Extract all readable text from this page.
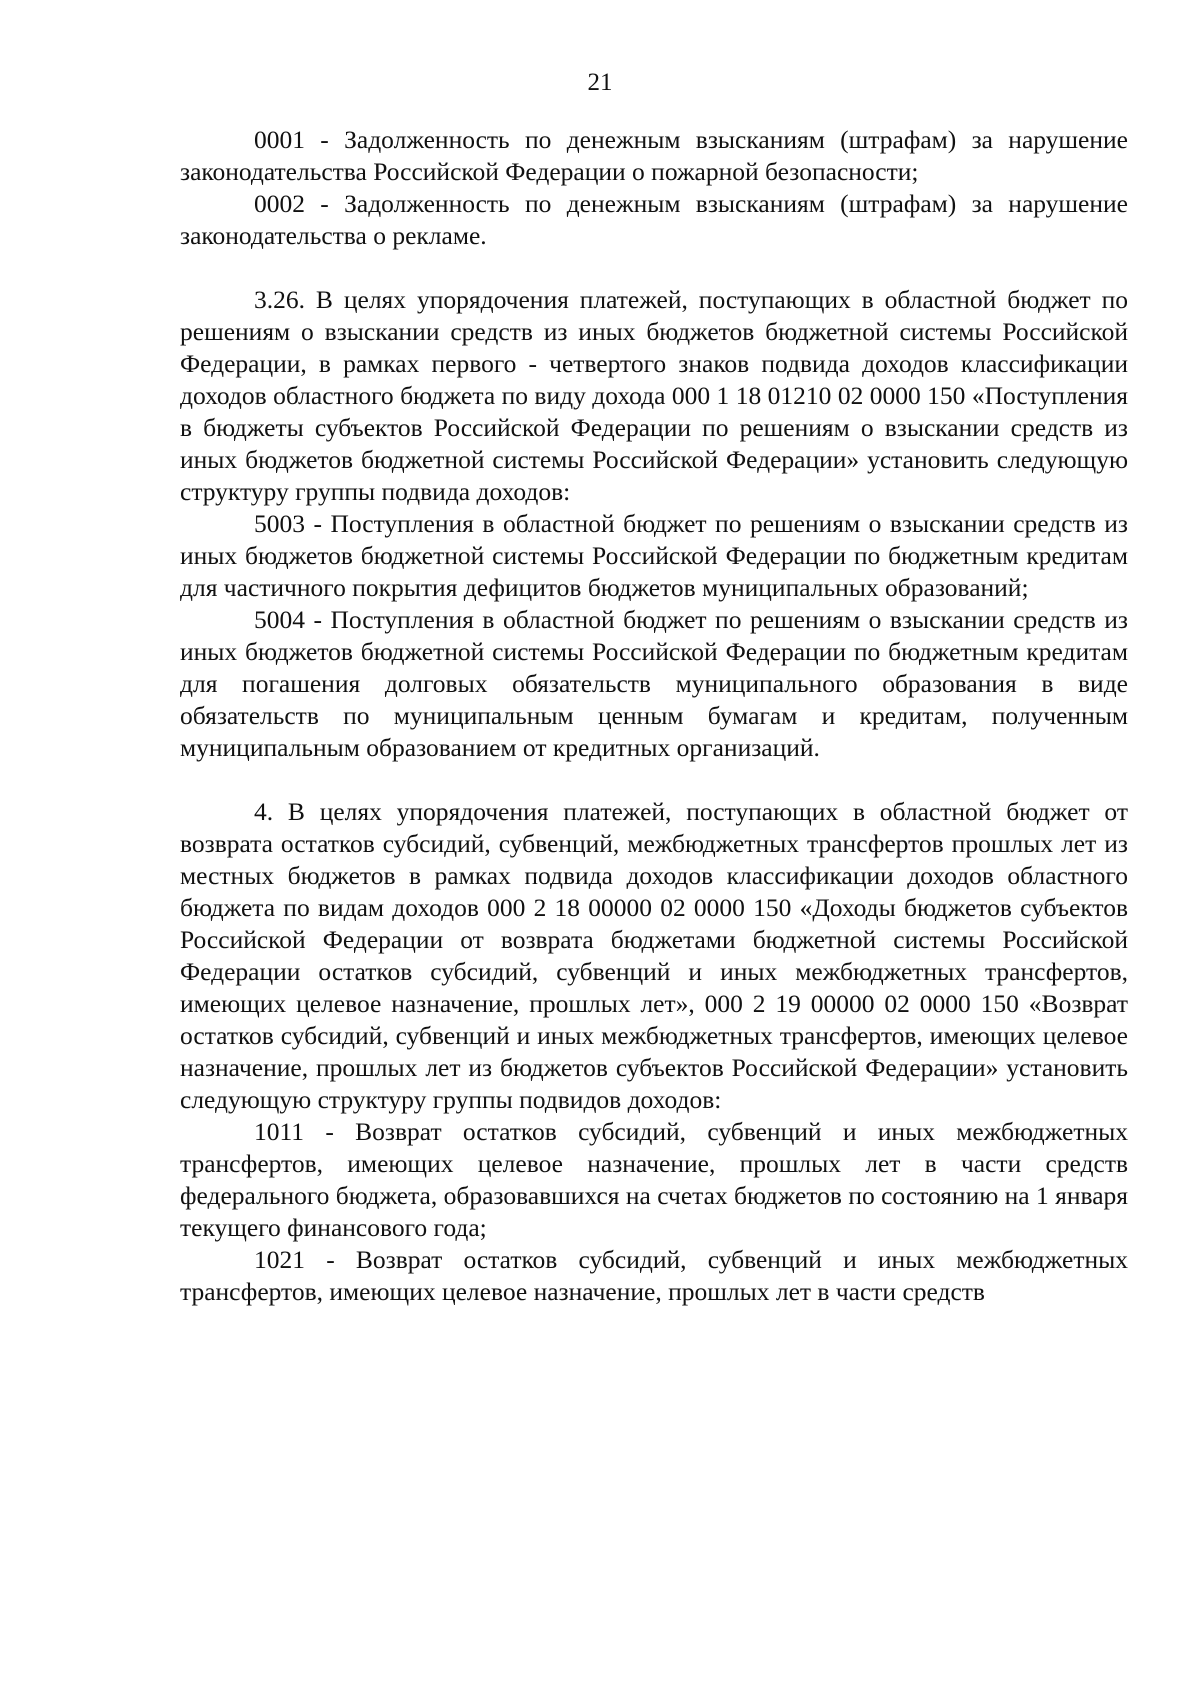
21

0001 - Задолженность по денежным взысканиям (штрафам) за нарушение законодательства Российской Федерации о пожарной безопасности;

0002 - Задолженность по денежным взысканиям (штрафам) за нарушение законодательства о рекламе.

3.26. В целях упорядочения платежей, поступающих в областной бюджет по решениям о взыскании средств из иных бюджетов бюджетной системы Российской Федерации, в рамках первого - четвертого знаков подвида доходов классификации доходов областного бюджета по виду дохода 000 1 18 01210 02 0000 150 «Поступления в бюджеты субъектов Российской Федерации по решениям о взыскании средств из иных бюджетов бюджетной системы Российской Федерации» установить следующую структуру группы подвида доходов:

5003 - Поступления в областной бюджет по решениям о взыскании средств из иных бюджетов бюджетной системы Российской Федерации по бюджетным кредитам для частичного покрытия дефицитов бюджетов муниципальных образований;

5004 - Поступления в областной бюджет по решениям о взыскании средств из иных бюджетов бюджетной системы Российской Федерации по бюджетным кредитам для погашения долговых обязательств муниципального образования в виде обязательств по муниципальным ценным бумагам и кредитам, полученным муниципальным образованием от кредитных организаций.

4. В целях упорядочения платежей, поступающих в областной бюджет от возврата остатков субсидий, субвенций, межбюджетных трансфертов прошлых лет из местных бюджетов в рамках подвида доходов классификации доходов областного бюджета по видам доходов 000 2 18 00000 02 0000 150 «Доходы бюджетов субъектов Российской Федерации от возврата бюджетами бюджетной системы Российской Федерации остатков субсидий, субвенций и иных межбюджетных трансфертов, имеющих целевое назначение, прошлых лет», 000 2 19 00000 02 0000 150 «Возврат остатков субсидий, субвенций и иных межбюджетных трансфертов, имеющих целевое назначение, прошлых лет из бюджетов субъектов Российской Федерации» установить следующую структуру группы подвидов доходов:

1011 - Возврат остатков субсидий, субвенций и иных межбюджетных трансфертов, имеющих целевое назначение, прошлых лет в части средств федерального бюджета, образовавшихся на счетах бюджетов по состоянию на 1 января текущего финансового года;

1021 - Возврат остатков субсидий, субвенций и иных межбюджетных трансфертов, имеющих целевое назначение, прошлых лет в части средств
